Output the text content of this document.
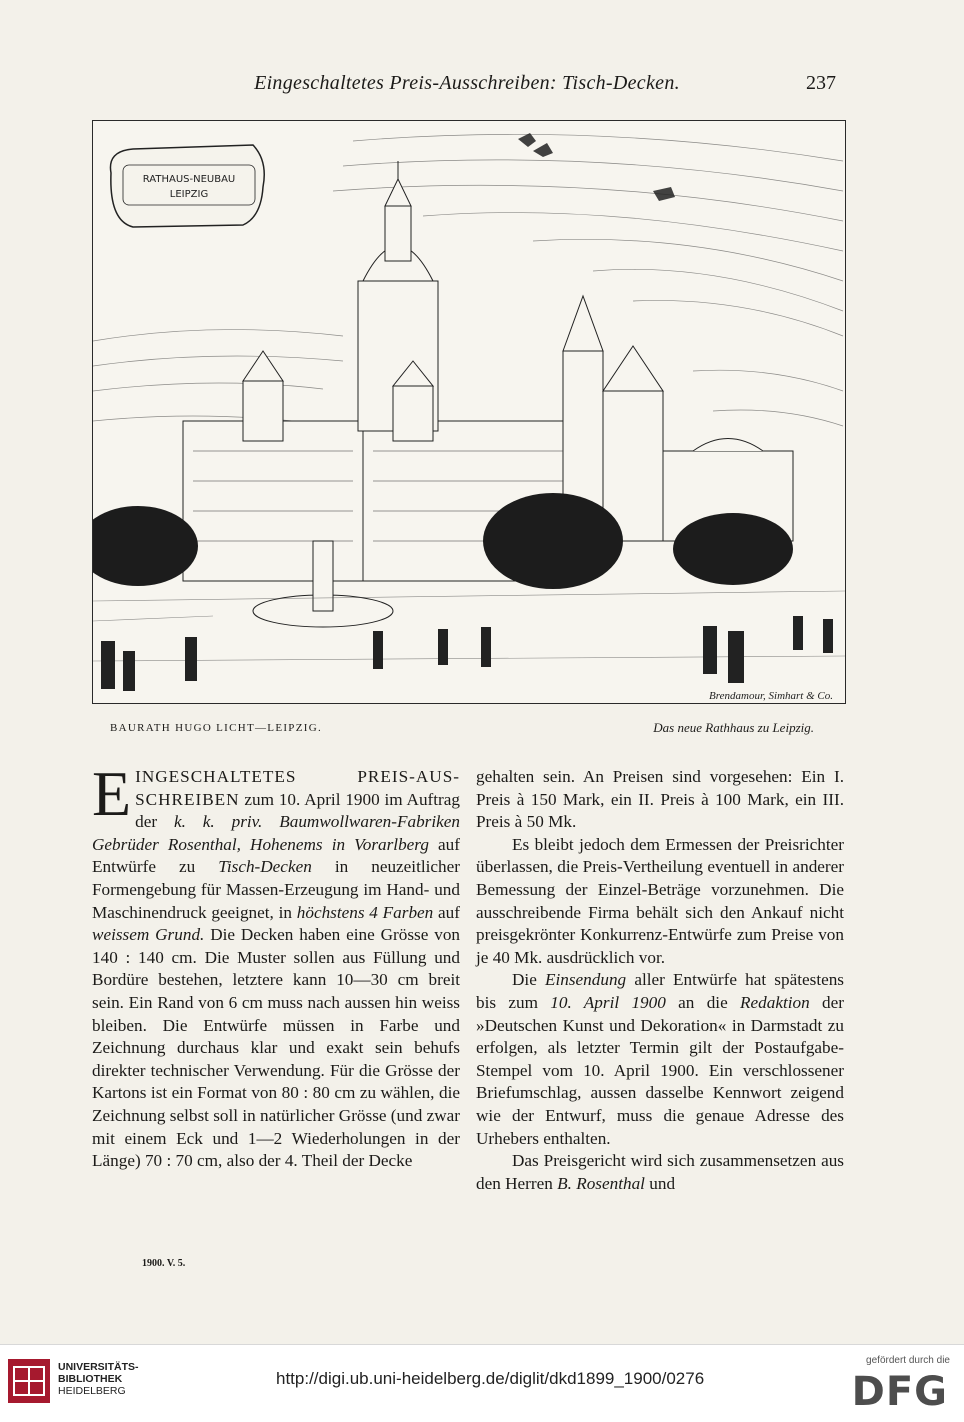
Eingeschaltetes Preis-Ausschreiben: Tisch-Decken.	237
RATHAUS-NEUBAU
LEIPZIG
Brendamour, Simhart & Co.
BAURATH HUGO LICHT—LEIPZIG.	Das neue Rathhaus zu Leipzig.

EINGESCHALTETES PREIS-AUS-SCHREIBEN zum 10. April 1900 im Auftrag der k. k. priv. Baumwollwaren-Fabriken Gebrüder Rosenthal, Hohenems in Vorarlberg auf Entwürfe zu Tisch-Decken in neuzeitlicher Formengebung für Massen-Erzeugung im Hand- und Maschinendruck geeignet, in höchstens 4 Farben auf weissem Grund. Die Decken haben eine Grösse von 140 : 140 cm. Die Muster sollen aus Füllung und Bordüre bestehen, letztere kann 10—30 cm breit sein. Ein Rand von 6 cm muss nach aussen hin weiss bleiben. Die Entwürfe müssen in Farbe und Zeichnung durchaus klar und exakt sein behufs direkter technischer Verwendung. Für die Grösse der Kartons ist ein Format von 80 : 80 cm zu wählen, die Zeichnung selbst soll in natürlicher Grösse (und zwar mit einem Eck und 1—2 Wiederholungen in der Länge) 70 : 70 cm, also der 4. Theil der Decke

gehalten sein. An Preisen sind vorgesehen: Ein I. Preis à 150 Mark, ein II. Preis à 100 Mark, ein III. Preis à 50 Mk.

Es bleibt jedoch dem Ermessen der Preisrichter überlassen, die Preis-Vertheilung eventuell in anderer Bemessung der Einzel-Beträge vorzunehmen. Die ausschreibende Firma behält sich den Ankauf nicht preisgekrönter Konkurrenz-Entwürfe zum Preise von je 40 Mk. ausdrücklich vor.

Die Einsendung aller Entwürfe hat spätestens bis zum 10. April 1900 an die Redaktion der »Deutschen Kunst und Dekoration« in Darmstadt zu erfolgen, als letzter Termin gilt der Postaufgabe-Stempel vom 10. April 1900. Ein verschlossener Briefumschlag, aussen dasselbe Kennwort zeigend wie der Entwurf, muss die genaue Adresse des Urhebers enthalten.

Das Preisgericht wird sich zusammensetzen aus den Herren B. Rosenthal und

1900. V. 5.
UNIVERSITÄTS-
BIBLIOTHEK
HEIDELBERG
http://digi.ub.uni-heidelberg.de/diglit/dkd1899_1900/0276
gefördert durch die
DFG
